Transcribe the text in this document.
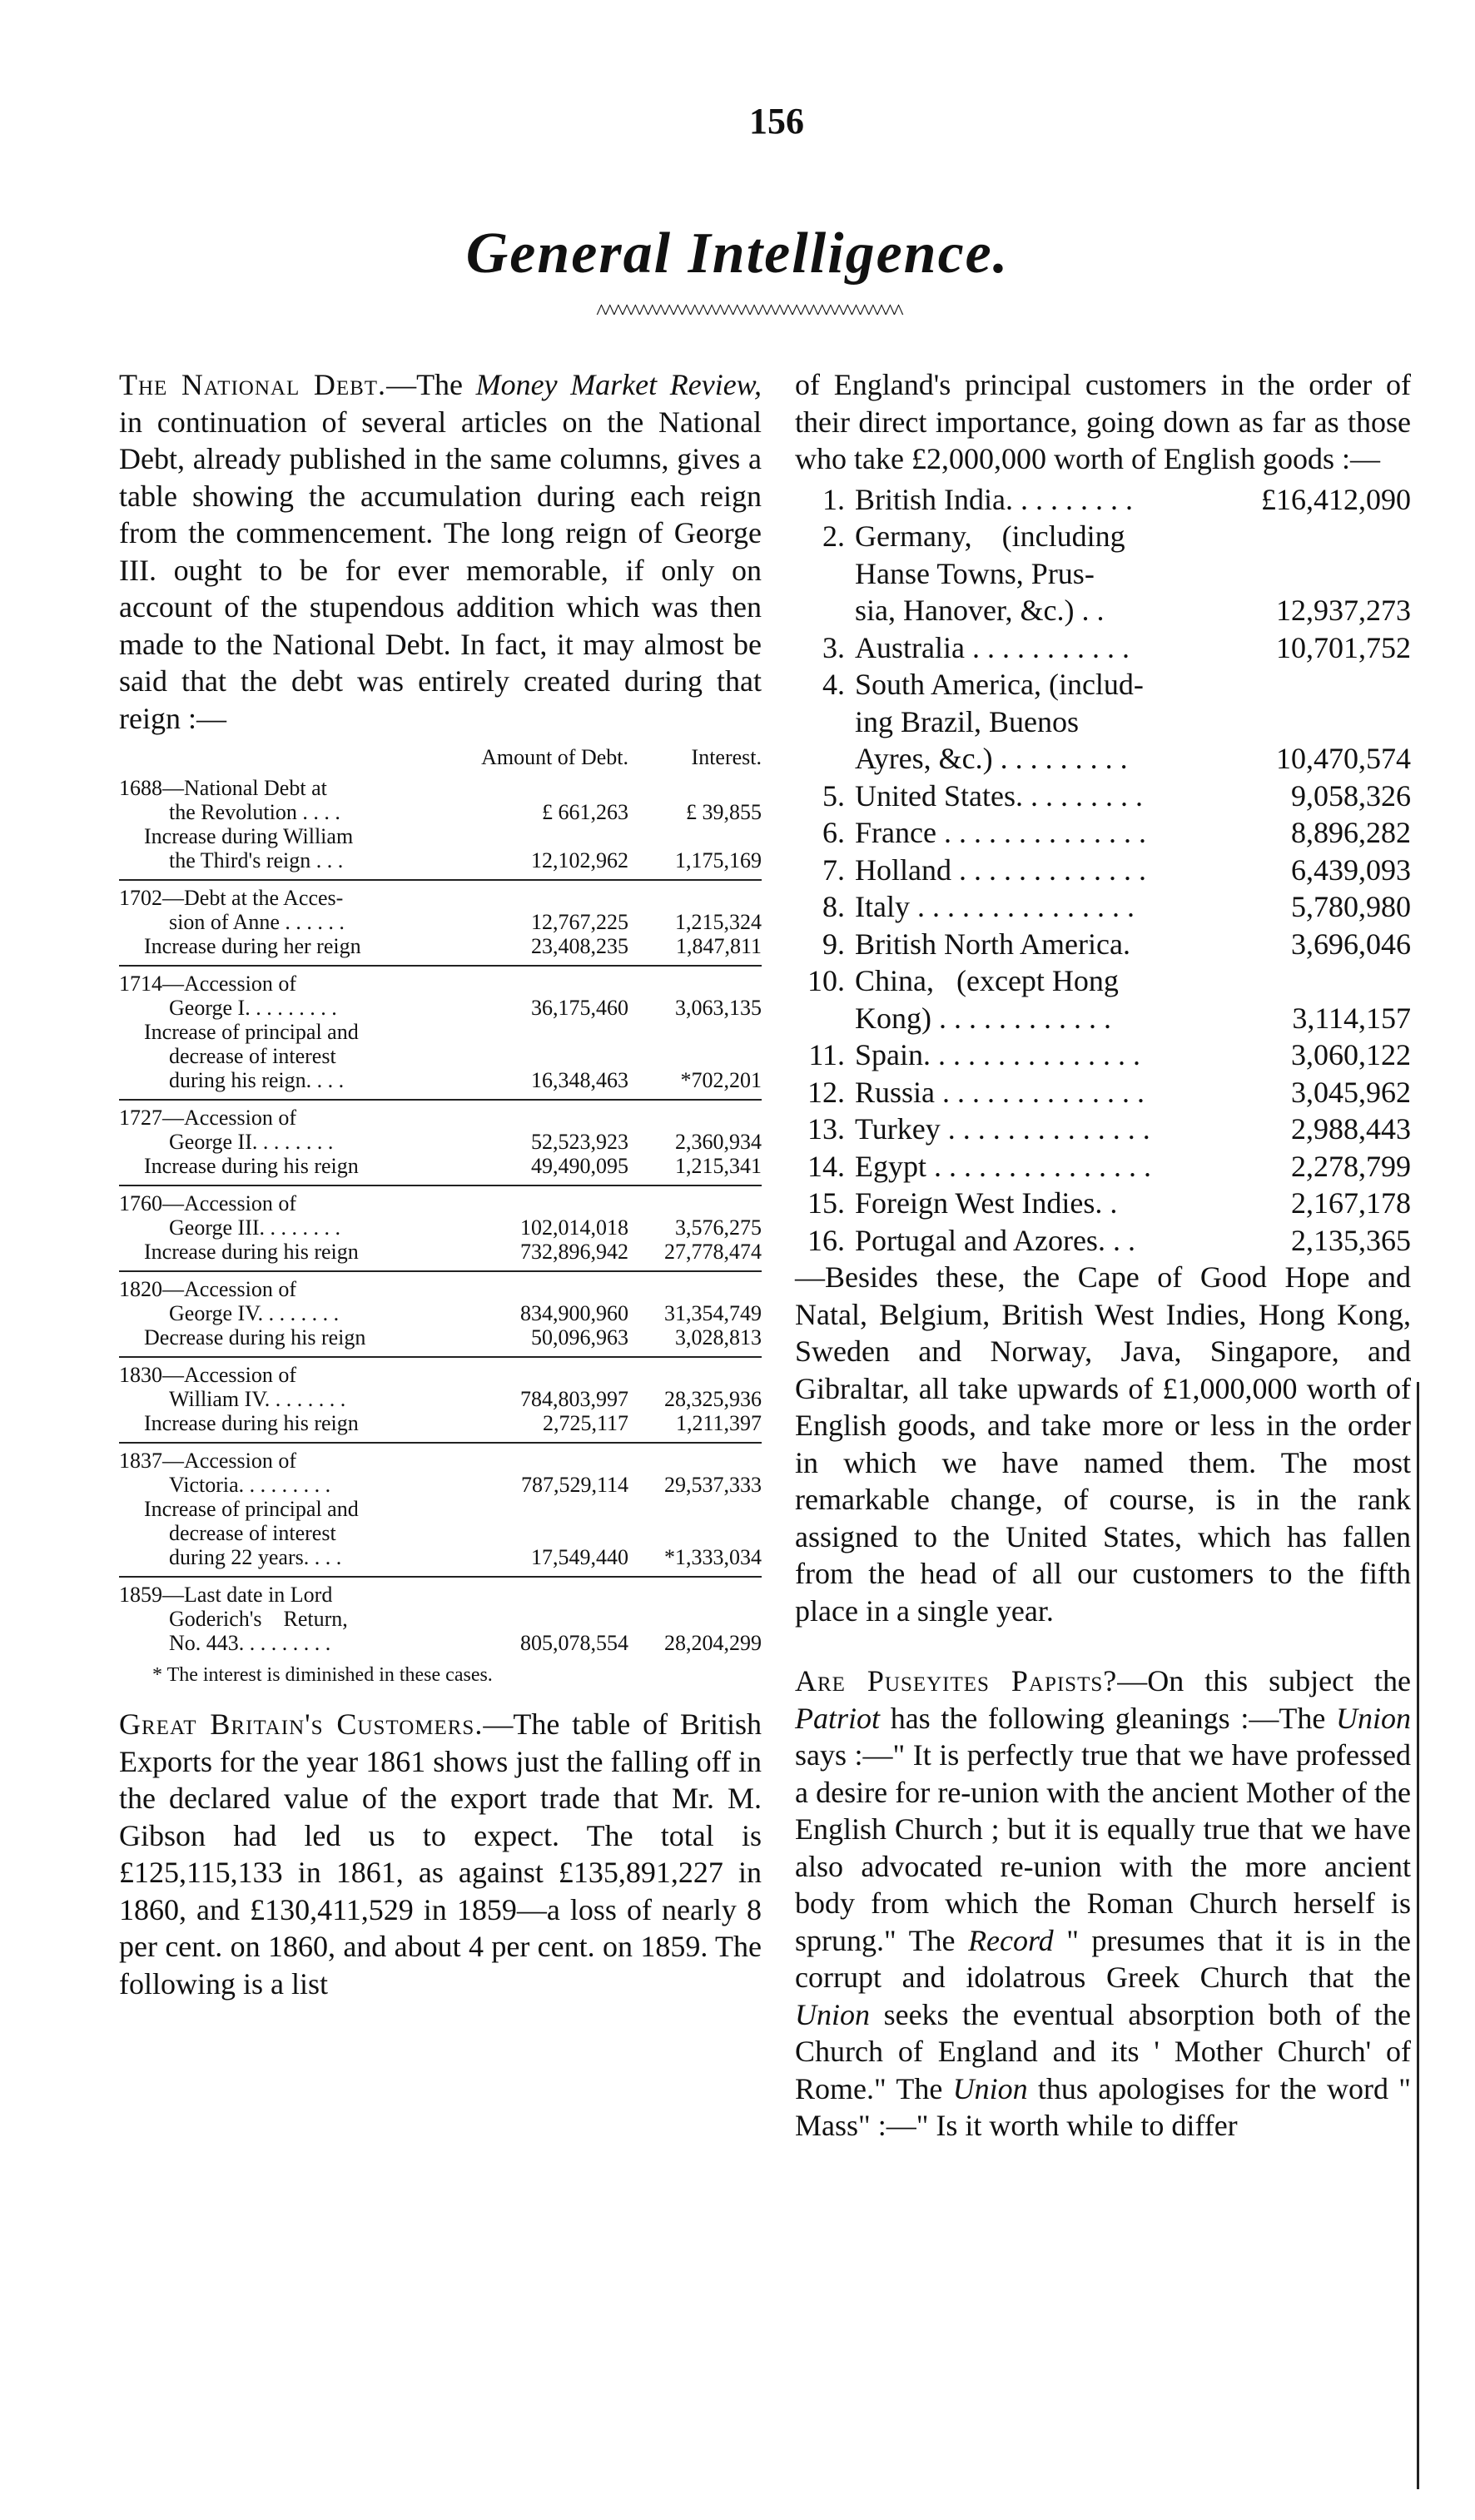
156
General Intelligence.
^^^^^^^^^^^^^^^^^^^^^^^^^^^^^^^^^^^^

The National Debt.—The Money Market Review, in continuation of several articles on the National Debt, already published in the same columns, gives a table showing the accumulation during each reign from the commencement. The long reign of George III. ought to be for ever memorable, if only on account of the stupendous addition which was then made to the National Debt. In fact, it may almost be said that the debt was entirely created during that reign :—

Amount of Debt.	Interest.
1688—National Debt at
the Revolution . . . .	£ 661,263	£ 39,855
Increase during William
the Third's reign . . .	12,102,962	1,175,169
1702—Debt at the Acces-
sion of Anne . . . . . .	12,767,225	1,215,324
Increase during her reign	23,408,235	1,847,811
1714—Accession of
George I. . . . . . . . .	36,175,460	3,063,135
Increase of principal and
decrease of interest
during his reign. . . .	16,348,463	*702,201
1727—Accession of
George II. . . . . . . .	52,523,923	2,360,934
Increase during his reign	49,490,095	1,215,341
1760—Accession of
George III. . . . . . . .	102,014,018	3,576,275
Increase during his reign	732,896,942	27,778,474
1820—Accession of
George IV. . . . . . . .	834,900,960	31,354,749
Decrease during his reign	50,096,963	3,028,813
1830—Accession of
William IV. . . . . . . .	784,803,997	28,325,936
Increase during his reign	2,725,117	1,211,397
1837—Accession of
Victoria. . . . . . . . .	787,529,114	29,537,333
Increase of principal and
decrease of interest
during 22 years. . . .	17,549,440	*1,333,034
1859—Last date in Lord
Goderich's    Return,
No. 443. . . . . . . . .	805,078,554	28,204,299
* The interest is diminished in these cases.

Great Britain's Customers.—The table of British Exports for the year 1861 shows just the falling off in the declared value of the export trade that Mr. M. Gibson had led us to expect. The total is £125,115,133 in 1861, as against £135,891,227 in 1860, and £130,411,529 in 1859—a loss of nearly 8 per cent. on 1860, and about 4 per cent. on 1859. The following is a list

of England's principal customers in the order of their direct importance, going down as far as those who take £2,000,000 worth of English goods :—

1. British India. . . . . . . . .	£16,412,090
2. Germany,    (including
Hanse Towns, Prus-
sia, Hanover, &c.) . .	12,937,273
3. Australia . . . . . . . . . . .	10,701,752
4. South America, (includ-
ing Brazil, Buenos
Ayres, &c.) . . . . . . . . .	10,470,574
5. United States. . . . . . . . .	9,058,326
6. France . . . . . . . . . . . . . .	8,896,282
7. Holland . . . . . . . . . . . . .	6,439,093
8. Italy . . . . . . . . . . . . . . .	5,780,980
9. British North America.	3,696,046
10. China,   (except Hong
Kong) . . . . . . . . . . . .	3,114,157
11. Spain. . . . . . . . . . . . . . .	3,060,122
12. Russia . . . . . . . . . . . . . .	3,045,962
13. Turkey . . . . . . . . . . . . . .	2,988,443
14. Egypt . . . . . . . . . . . . . . .	2,278,799
15. Foreign West Indies. .	2,167,178
16. Portugal and Azores. . .	2,135,365

—Besides these, the Cape of Good Hope and Natal, Belgium, British West Indies, Hong Kong, Sweden and Norway, Java, Singapore, and Gibraltar, all take upwards of £1,000,000 worth of English goods, and take more or less in the order in which we have named them. The most remarkable change, of course, is in the rank assigned to the United States, which has fallen from the head of all our customers to the fifth place in a single year.

Are Puseyites Papists?—On this subject the Patriot has the following gleanings :—The Union says :—" It is perfectly true that we have professed a desire for re-union with the ancient Mother of the English Church ; but it is equally true that we have also advocated re-union with the more ancient body from which the Roman Church herself is sprung." The Record " presumes that it is in the corrupt and idolatrous Greek Church that the Union seeks the eventual absorption both of the Church of England and its ' Mother Church' of Rome." The Union thus apologises for the word " Mass" :—" Is it worth while to differ
